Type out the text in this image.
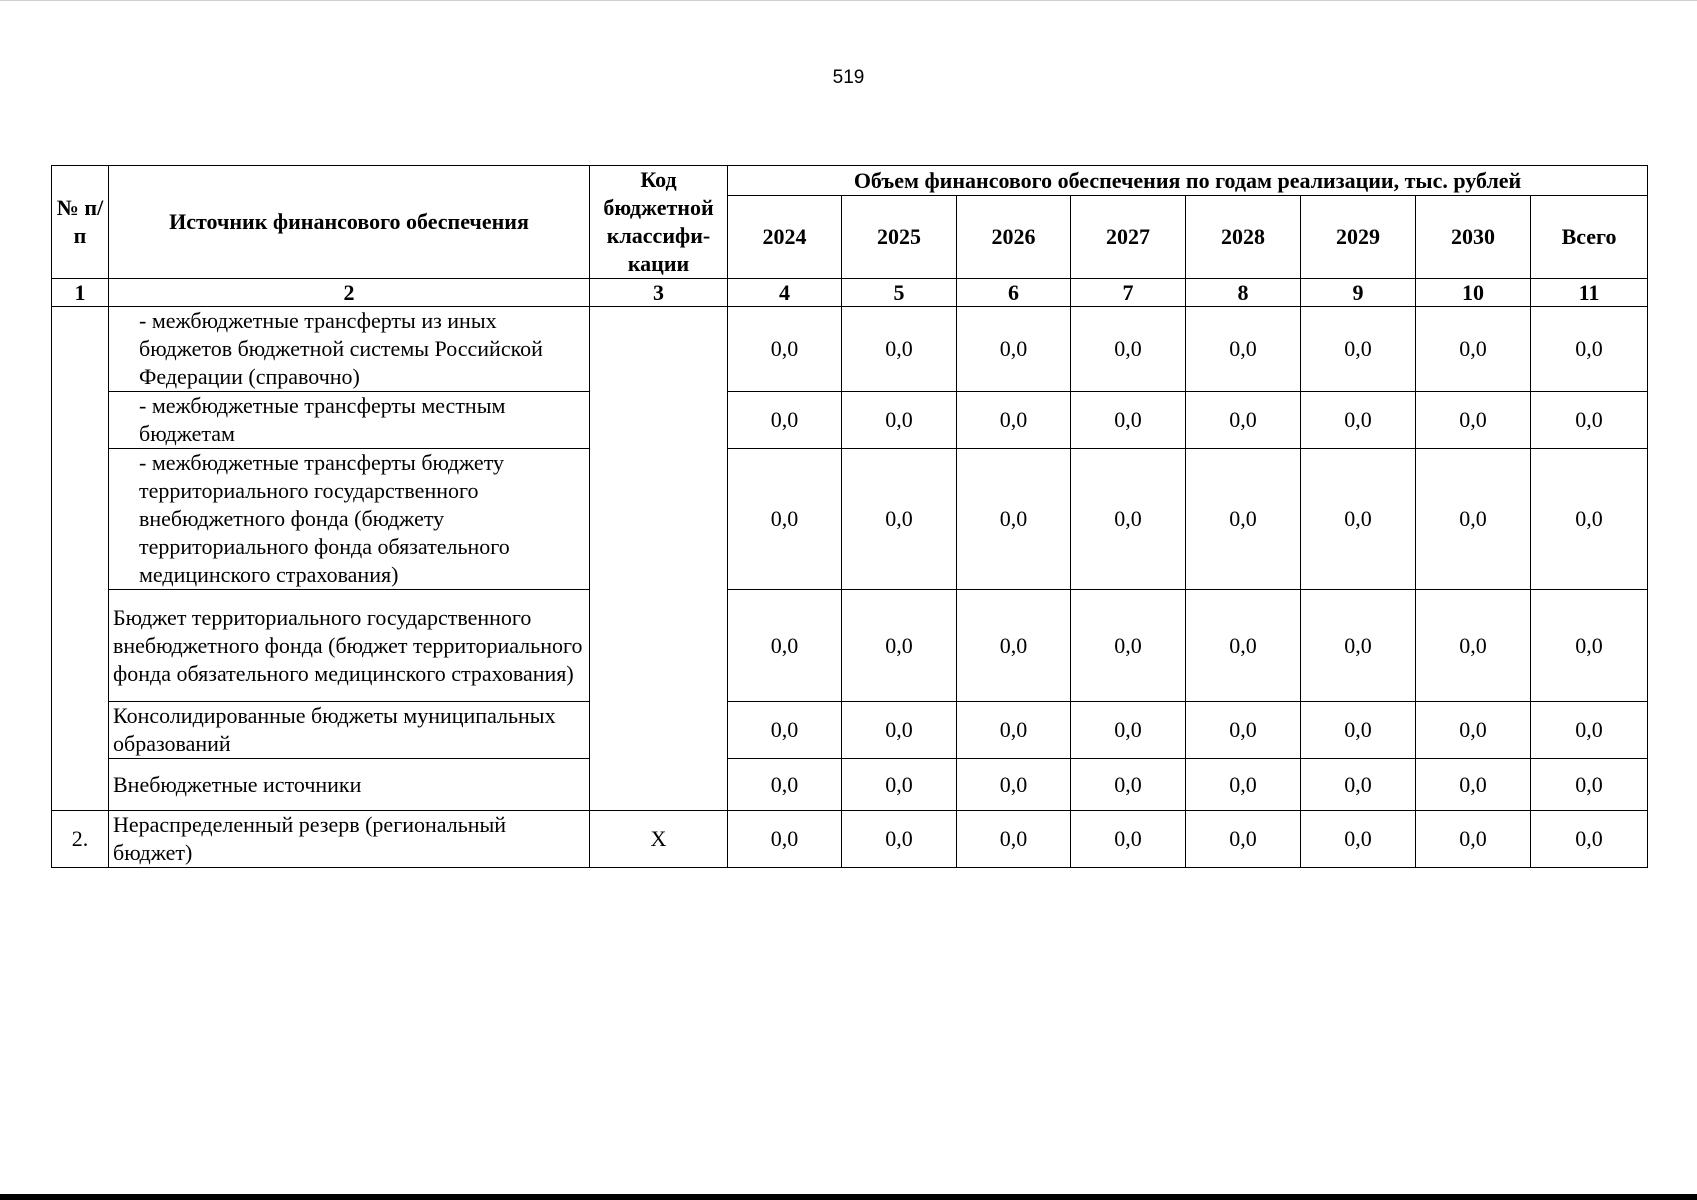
519
№ п/п	Источник финансового обеспечения	Код бюджетной классифи-кации	Объем финансового обеспечения по годам реализации, тыс. рублей							
			2024	2025	2026	2027	2028	2029	2030	Всего
1	2	3	4	5	6	7	8	9	10	11
	- межбюджетные трансферты из иных бюджетов бюджетной системы Российской Федерации (справочно)		0,0	0,0	0,0	0,0	0,0	0,0	0,0	0,0
	- межбюджетные трансферты местным бюджетам		0,0	0,0	0,0	0,0	0,0	0,0	0,0	0,0
	- межбюджетные трансферты бюджету территориального государственного внебюджетного фонда (бюджету территориального фонда обязательного медицинского страхования)		0,0	0,0	0,0	0,0	0,0	0,0	0,0	0,0
	Бюджет территориального государственного внебюджетного фонда (бюджет территориального фонда обязательного медицинского страхования)		0,0	0,0	0,0	0,0	0,0	0,0	0,0	0,0
	Консолидированные бюджеты муниципальных образований		0,0	0,0	0,0	0,0	0,0	0,0	0,0	0,0
	Внебюджетные источники		0,0	0,0	0,0	0,0	0,0	0,0	0,0	0,0
2.	Нераспределенный резерв (региональный бюджет)	X	0,0	0,0	0,0	0,0	0,0	0,0	0,0	0,0
